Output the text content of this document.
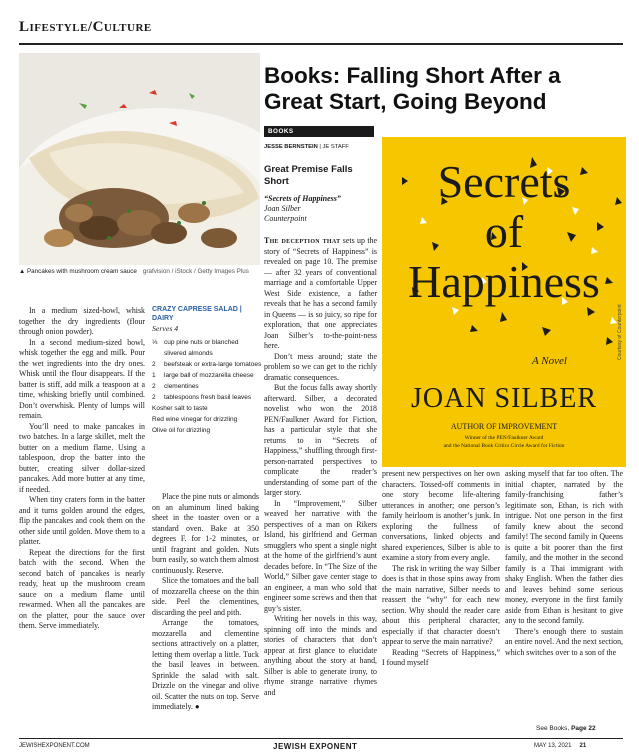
Lifestyle/Culture
▲ Pancakes with mushroom cream sauce grafvision / iStock / Getty Images Plus
Books: Falling Short After a Great Start, Going Beyond
BOOKS
JESSE BERNSTEIN | JE STAFF
Great Premise Falls Short
“Secrets of Happiness”
Joan Silber
Counterpoint

In a medium sized-bowl, whisk together the dry ingredients (flour through onion powder).

In a second medium-sized bowl, whisk together the egg and milk. Pour the wet ingredients into the dry ones. Whisk until the flour disappears. If the batter is stiff, add milk a teaspoon at a time, whisking briefly until combined. Don’t overwhisk. Plenty of lumps will remain.

You’ll need to make pancakes in two batches. In a large skillet, melt the butter on a medium flame. Using a tablespoon, drop the batter into the butter, creating silver dollar-sized pancakes. Add more butter at any time, if needed.

When tiny craters form in the batter and it turns golden around the edges, flip the pancakes and cook them on the other side until golden. Move them to a platter.

Repeat the directions for the first batch with the second. When the second batch of pancakes is nearly ready, heat up the mushroom cream sauce on a medium flame until rewarmed. When all the pancakes are on the platter, pour the sauce over them. Serve immediately.

CRAZY CAPRESE SALAD | DAIRY
Serves 4
⅓	cup pine nuts or blanched slivered almonds
2	beefsteak or extra-large tomatoes
1	large ball of mozzarella cheese
2	clementines
2	tablespoons fresh basil leaves
Kosher salt to taste
Red wine vinegar for drizzling
Olive oil for drizzling

Place the pine nuts or almonds on an aluminum lined baking sheet in the toaster oven or a standard oven. Bake at 350 degrees F. for 1-2 minutes, or until fragrant and golden. Nuts burn easily, so watch them almost continuously. Reserve.

Slice the tomatoes and the ball of mozzarella cheese on the thin side. Peel the clementines, discarding the peel and pith.

Arrange the tomatoes, mozzarella and clementine sections attractively on a platter, letting them overlap a little. Tuck the basil leaves in between. Sprinkle the salad with salt. Drizzle on the vinegar and olive oil. Scatter the nuts on top. Serve immediately. ●

The deception that sets up the story of “Secrets of Happiness” is revealed on page 10. The premise — after 32 years of conventional marriage and a comfortable Upper West Side existence, a father reveals that he has a second family in Queens — is so juicy, so ripe for exploration, that one appreciates Joan Silber’s to-the-point-ness here.

Don’t mess around; state the problem so we can get to the richly dramatic consequences.

But the focus falls away shortly afterward. Silber, a decorated novelist who won the 2018 PEN/Faulkner Award for Fiction, has a particular style that she returns to in “Secrets of Happiness,” shuffling through first-person-narrated perspectives to complicate the reader’s understanding of some part of the larger story.

In “Improvement,” Silber weaved her narrative with the perspectives of a man on Rikers Island, his girlfriend and German smugglers who spent a single night at the home of the girlfriend’s aunt decades before. In “The Size of the World,” Silber gave center stage to an engineer, a man who sold that engineer some screws and then that guy’s sister.

Writing her novels in this way, spinning off into the minds and stories of characters that don’t appear at first glance to elucidate anything about the story at hand, Silber is able to generate irony, to rhyme strange narrative rhymes and

Secrets
of
Happiness
A Novel
JOAN SILBER
AUTHOR OF IMPROVEMENT
Winner of the PEN/Faulkner Award
and the National Book Critics Circle Award for Fiction
Courtesy of Counterpoint

present new perspectives on her own characters. Tossed-off comments in one story become life-altering utterances in another; one person’s family heirloom is another’s junk. In exploring the fullness of conversations, linked objects and shared experiences, Silber is able to examine a story from every angle.

The risk in writing the way Silber does is that in those spins away from the main narrative, Silber needs to reassert the “why” for each new section. Why should the reader care about this peripheral character, especially if that character doesn’t appear to serve the main narrative?

Reading “Secrets of Happiness,” I found myself

asking myself that far too often. The initial chapter, narrated by the family-franchising father’s legitimate son, Ethan, is rich with intrigue. Not one person in the first family knew about the second family! The second family in Queens is quite a bit poorer than the first family, and the mother in the second family is a Thai immigrant with shaky English. When the father dies and leaves behind some serious money, everyone in the first family aside from Ethan is hesitant to give any to the second family.

There’s enough there to sustain an entire novel. And the next section, which switches over to a son of the

See Books, Page 22
JEWISHEXPONENT.COM	JEWISH EXPONENT	MAY 13, 2021 21
